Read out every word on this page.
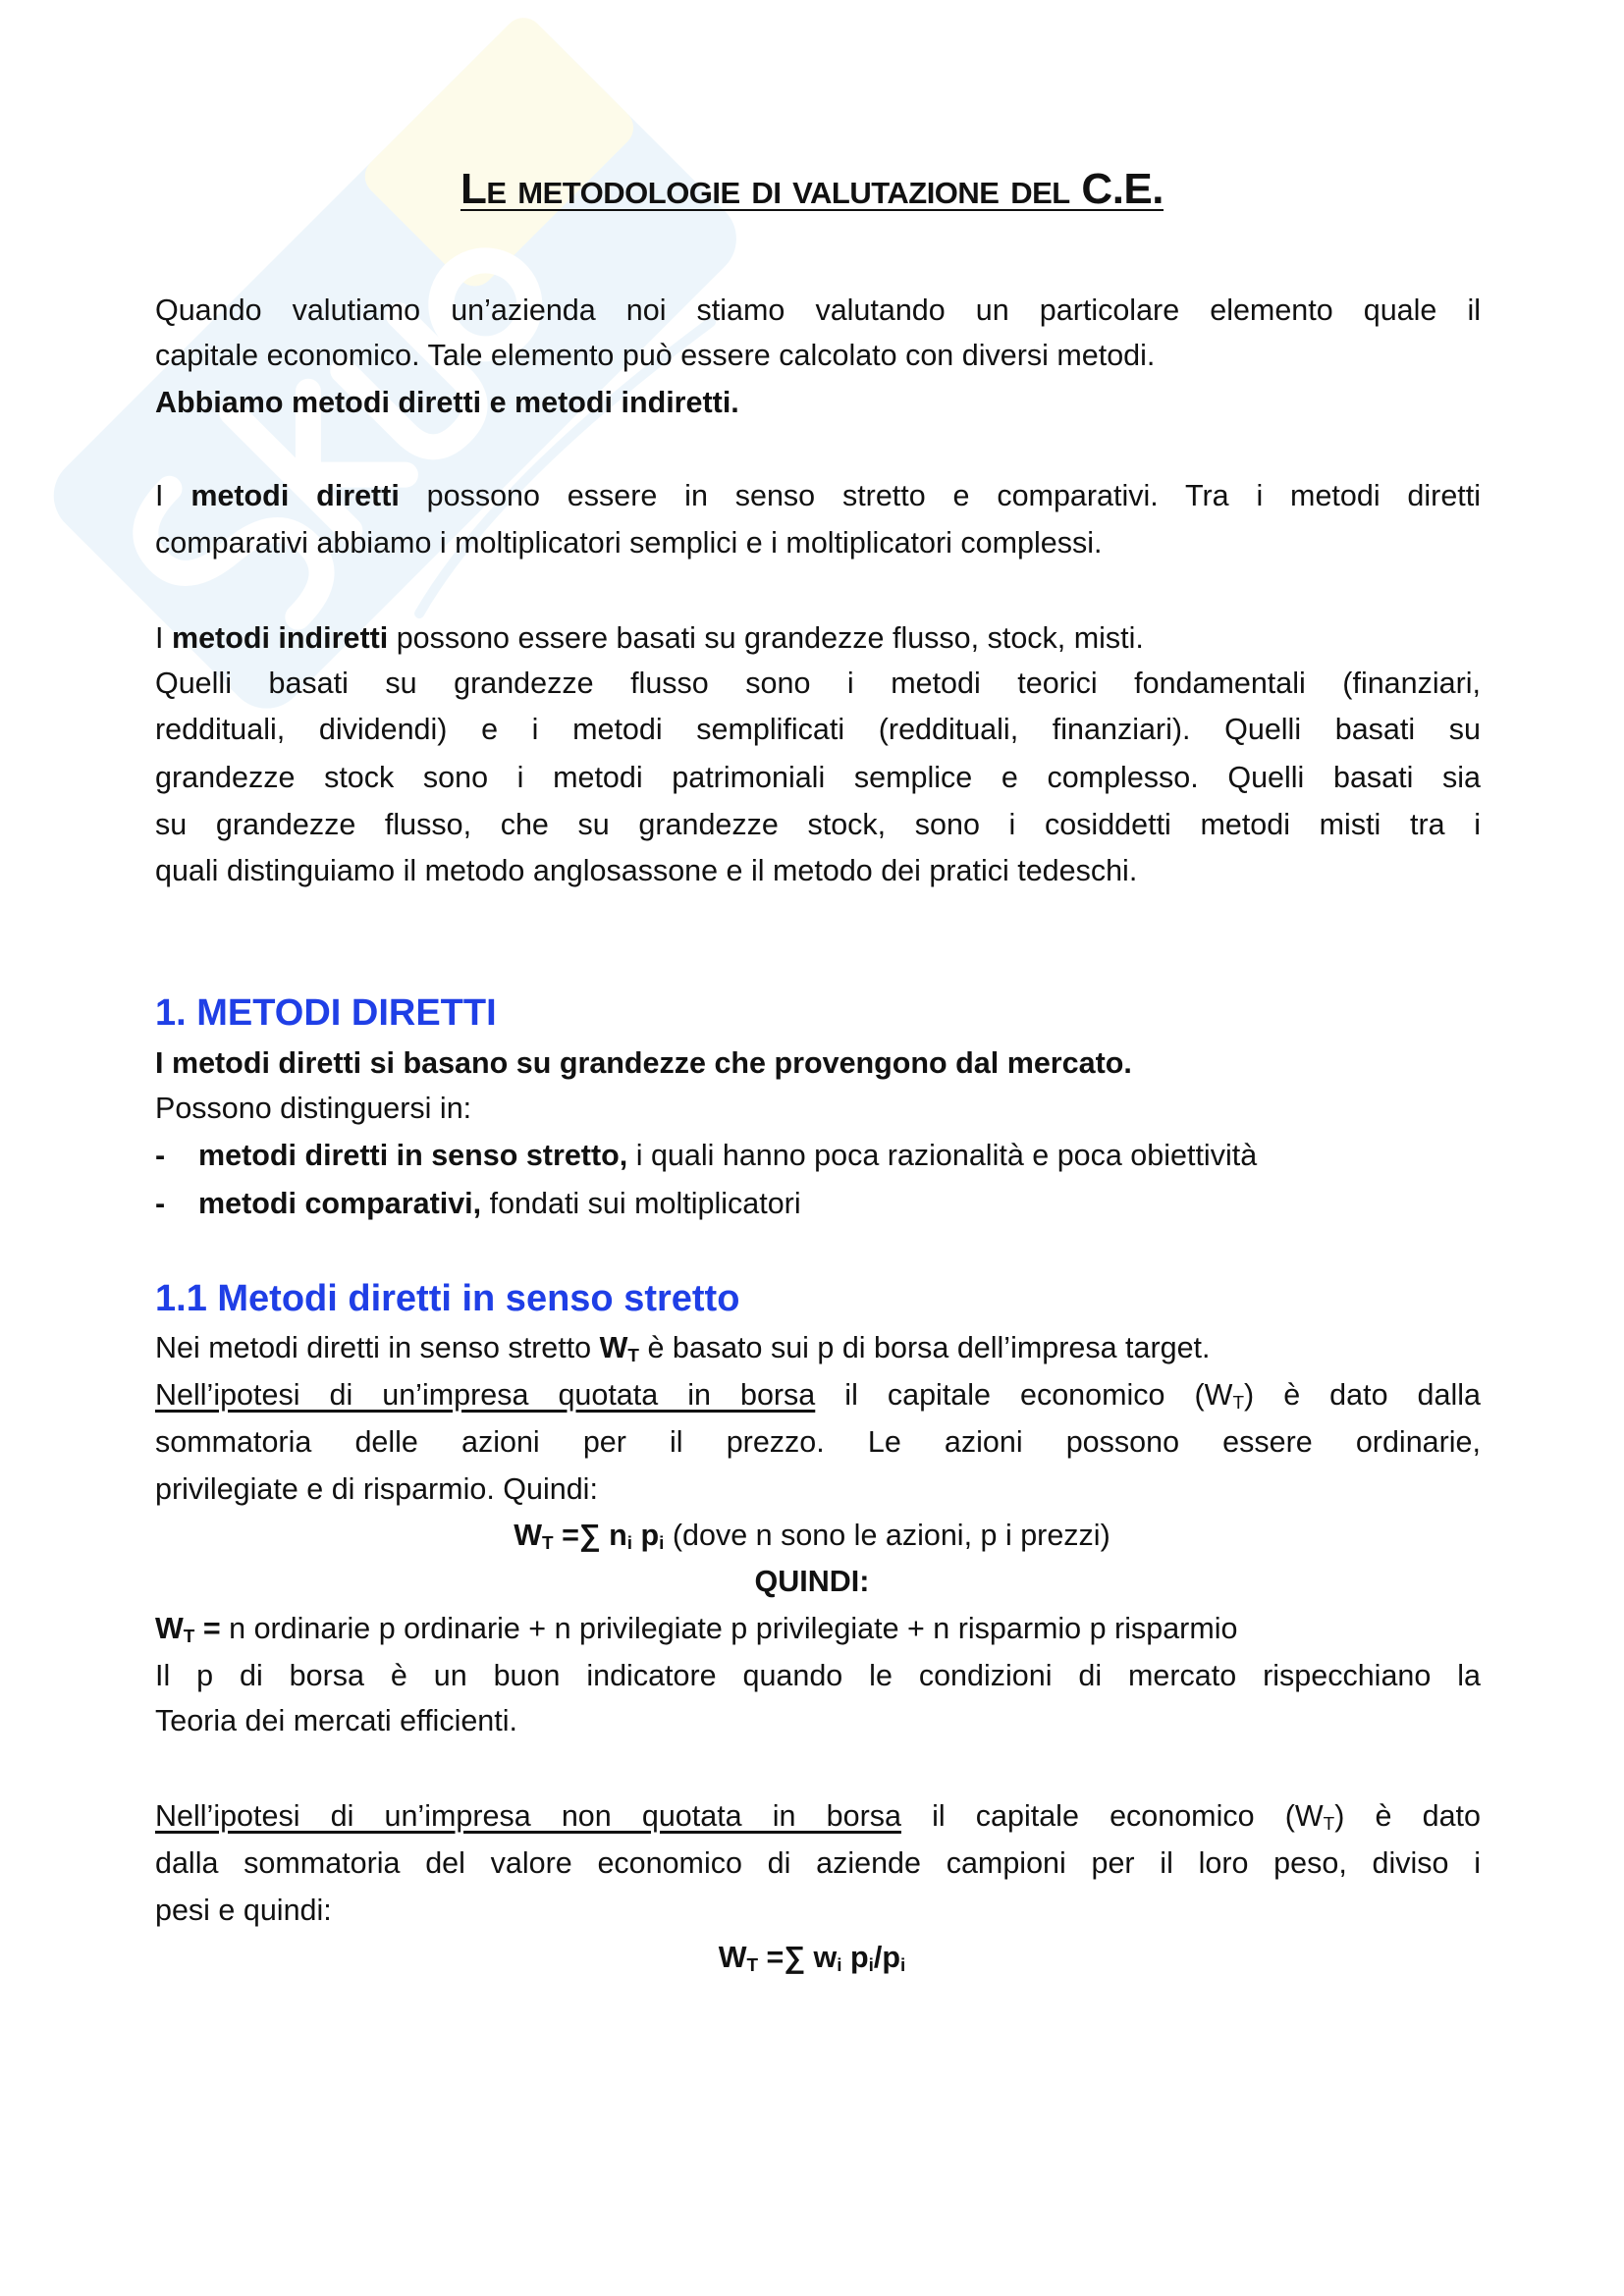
Le metodologie di valutazione del C.E.
1. METODI DIRETTI
1.1 Metodi diretti in senso stretto
Quando valutiamo un’azienda noi stiamo valutando un particolare elemento quale il
capitale economico. Tale elemento può essere calcolato con diversi metodi.
Abbiamo metodi diretti e metodi indiretti.
I metodi diretti possono essere in senso stretto e comparativi. Tra i metodi diretti
comparativi abbiamo i moltiplicatori semplici e i moltiplicatori complessi.
I metodi indiretti possono essere basati su grandezze flusso, stock, misti.
Quelli basati su grandezze flusso sono i metodi teorici fondamentali (finanziari,
reddituali, dividendi) e i metodi semplificati (reddituali, finanziari). Quelli basati su
grandezze stock sono i metodi patrimoniali semplice e complesso. Quelli basati sia
su grandezze flusso, che su grandezze stock, sono i cosiddetti metodi misti tra i
quali distinguiamo il metodo anglosassone e il metodo dei pratici tedeschi.
I metodi diretti si basano su grandezze che provengono dal mercato.
Possono distinguersi in:
- metodi diretti in senso stretto, i quali hanno poca razionalità e poca obiettività
- metodi comparativi, fondati sui moltiplicatori
Nei metodi diretti in senso stretto WT è basato sui p di borsa dell’impresa target.
Nell’ipotesi di un’impresa quotata in borsa il capitale economico (WT) è dato dalla
sommatoria delle azioni per il prezzo. Le azioni possono essere ordinarie,
privilegiate e di risparmio. Quindi:
WT =∑ ni pi (dove n sono le azioni, p i prezzi)
QUINDI:
WT = n ordinarie p ordinarie + n privilegiate p privilegiate + n risparmio p risparmio
Il p di borsa è un buon indicatore quando le condizioni di mercato rispecchiano la
Teoria dei mercati efficienti.
Nell’ipotesi di un’impresa non quotata in borsa il capitale economico (WT) è dato
dalla sommatoria del valore economico di aziende campioni per il loro peso, diviso i
pesi e quindi:
WT =∑ wi pi/pi
